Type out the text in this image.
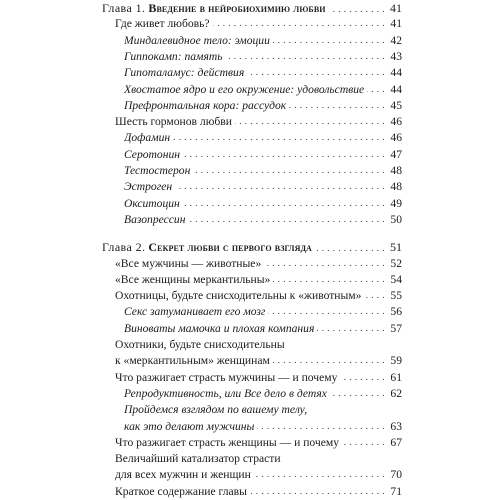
Глава 1. Введение в нейробиохимию любви . . .	41
Где живет любовь? . . .	41
Миндалевидное тело: эмоции . . .	42
Гиппокамп: память . . .	43
Гипоталамус: действия . . .	44
Хвостатое ядро и его окружение: удовольствие . . . 44
Префронтальная кора: рассудок . . .	45
Шесть гормонов любви . . .	46
Дофамин . . .	46
Серотонин . . .	47
Тестостерон . . .	48
Эстроген . . .	48
Окситоцин . . .	49
Вазопрессин . . .	50
Глава 2. Секрет любви с первого взгляда . . .	51
«Все мужчины — животные» . . .	52
«Все женщины меркантильны» . . .	54
Охотницы, будьте снисходительны к «животным» . . . 55
Секс затуманивает его мозг . . .	56
Виноваты мамочка и плохая компания . . .	57
Охотники, будьте снисходительны
к «меркантильным» женщинам . . .	59
Что разжигает страсть мужчины — и почему . . .	61
Репродуктивность, или Все дело в детях . . .	62
Пройдемся взглядом по вашему телу,
как это делают мужчины . . .	63
Что разжигает страсть женщины — и почему . . .	67
Величайший катализатор страсти
для всех мужчин и женщин . . .	70
Краткое содержание главы . . .	71
